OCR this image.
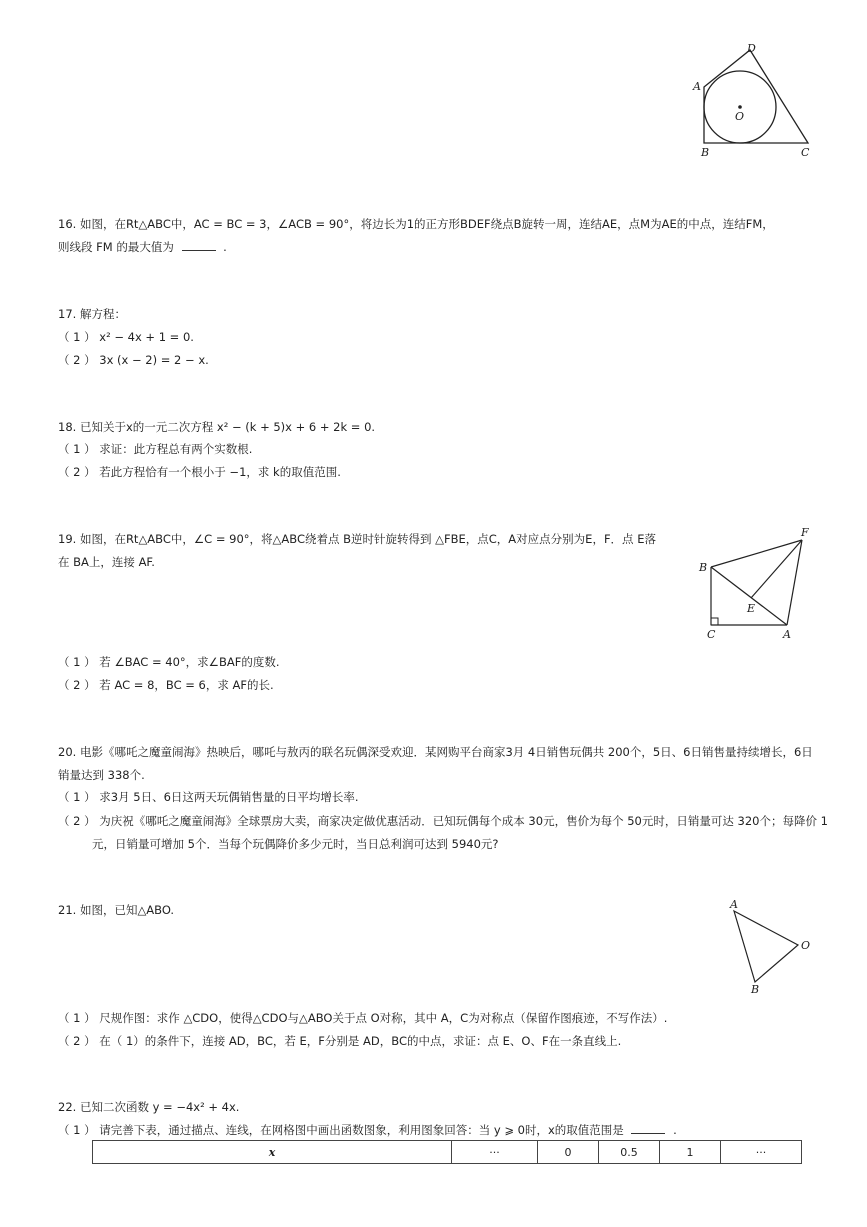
D
A
O
B	C
16. 如图，在Rt△ABC中，AC = BC = 3，∠ACB = 90°，将边长为1的正方形BDEF绕点B旋转一周，连结AE，点M为AE的中点，连结FM，
则线段 FM 的最大值为	.
17. 解方程：
（ 1 ） x² − 4x + 1 = 0.
（ 2 ） 3x (x − 2) = 2 − x.
18. 已知关于x的一元二次方程 x² − (k + 5)x + 6 + 2k = 0.
（ 1 ） 求证：此方程总有两个实数根.
（ 2 ） 若此方程恰有一个根小于 −1，求 k的取值范围.
19. 如图，在Rt△ABC中，∠C = 90°，将△ABC绕着点 B逆时针旋转得到 △FBE，点C，A对应点分别为E，F．点 E落
在 BA上，连接 AF.
F
B
E
C	A
（ 1 ） 若 ∠BAC = 40°，求∠BAF的度数.
（ 2 ） 若 AC = 8，BC = 6，求 AF的长.
20. 电影《哪吒之魔童闹海》热映后，哪吒与敖丙的联名玩偶深受欢迎．某网购平台商家3月 4日销售玩偶共 200个，5日、6日销售量持续增长，6日
销量达到 338个.
（ 1 ） 求3月 5日、6日这两天玩偶销售量的日平均增长率.
（ 2 ） 为庆祝《哪吒之魔童闹海》全球票房大卖，商家决定做优惠活动．已知玩偶每个成本 30元，售价为每个 50元时，日销量可达 320个；每降价 1
元，日销量可增加 5个．当每个玩偶降价多少元时，当日总利润可达到 5940元?
21. 如图，已知△ABO.	A
O
B
（ 1 ） 尺规作图：求作 △CDO，使得△CDO与△ABO关于点 O对称，其中 A，C为对称点（保留作图痕迹，不写作法）.
（ 2 ） 在（ 1）的条件下，连接 AD，BC，若 E，F分别是 AD，BC的中点，求证：点 E、O、F在一条直线上.
22. 已知二次函数 y = −4x² + 4x.
（ 1 ） 请完善下表，通过描点、连线，在网格图中画出函数图象，利用图象回答：当 y ⩾ 0时，x的取值范围是	.
x	···	0	0.5	1	···
